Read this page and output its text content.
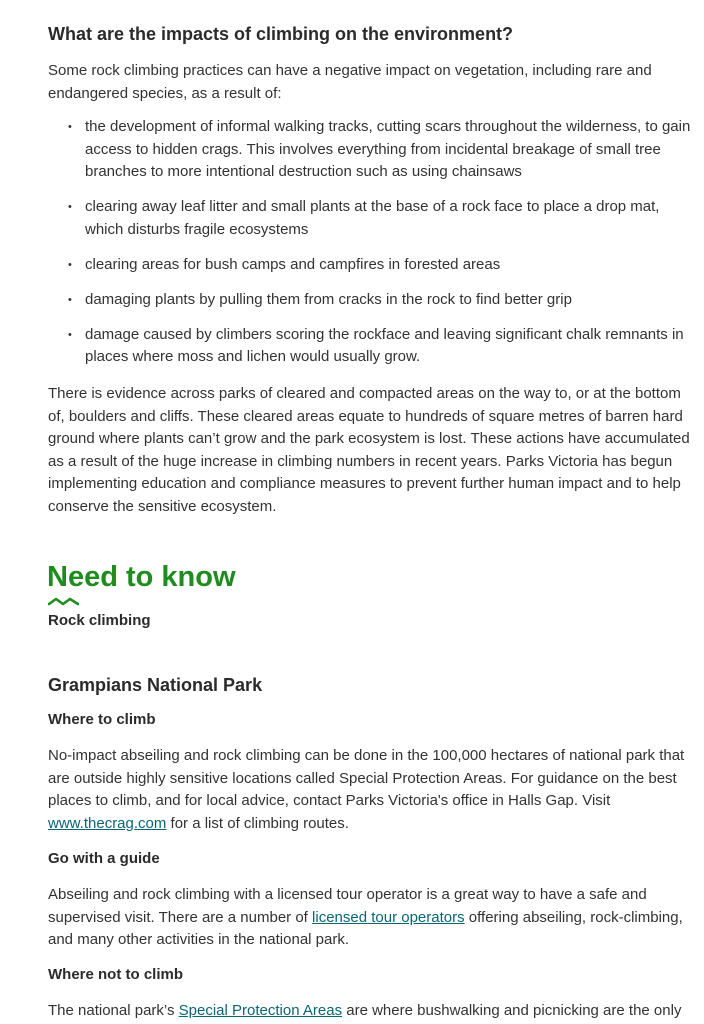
What are the impacts of climbing on the environment?

Some rock climbing practices can have a negative impact on vegetation, including rare and endangered species, as a result of:

• the development of informal walking tracks, cutting scars throughout the wilderness, to gain access to hidden crags. This involves everything from incidental breakage of small tree branches to more intentional destruction such as using chainsaws
• clearing away leaf litter and small plants at the base of a rock face to place a drop mat, which disturbs fragile ecosystems
• clearing areas for bush camps and campfires in forested areas
• damaging plants by pulling them from cracks in the rock to find better grip
• damage caused by climbers scoring the rockface and leaving significant chalk remnants in places where moss and lichen would usually grow.

There is evidence across parks of cleared and compacted areas on the way to, or at the bottom of, boulders and cliffs. These cleared areas equate to hundreds of square metres of barren hard ground where plants can’t grow and the park ecosystem is lost. These actions have accumulated as a result of the huge increase in climbing numbers in recent years. Parks Victoria has begun implementing education and compliance measures to prevent further human impact and to help conserve the sensitive ecosystem.

Need to know
Rock climbing
Grampians National Park
Where to climb

No-impact abseiling and rock climbing can be done in the 100,000 hectares of national park that are outside highly sensitive locations called Special Protection Areas. For guidance on the best places to climb, and for local advice, contact Parks Victoria's office in Halls Gap. Visit www.thecrag.com for a list of climbing routes.

Go with a guide

Abseiling and rock climbing with a licensed tour operator is a great way to have a safe and supervised visit. There are a number of licensed tour operators offering abseiling, rock-climbing, and many other activities in the national park.

Where not to climb

The national park’s Special Protection Areas are where bushwalking and picnicking are the only
